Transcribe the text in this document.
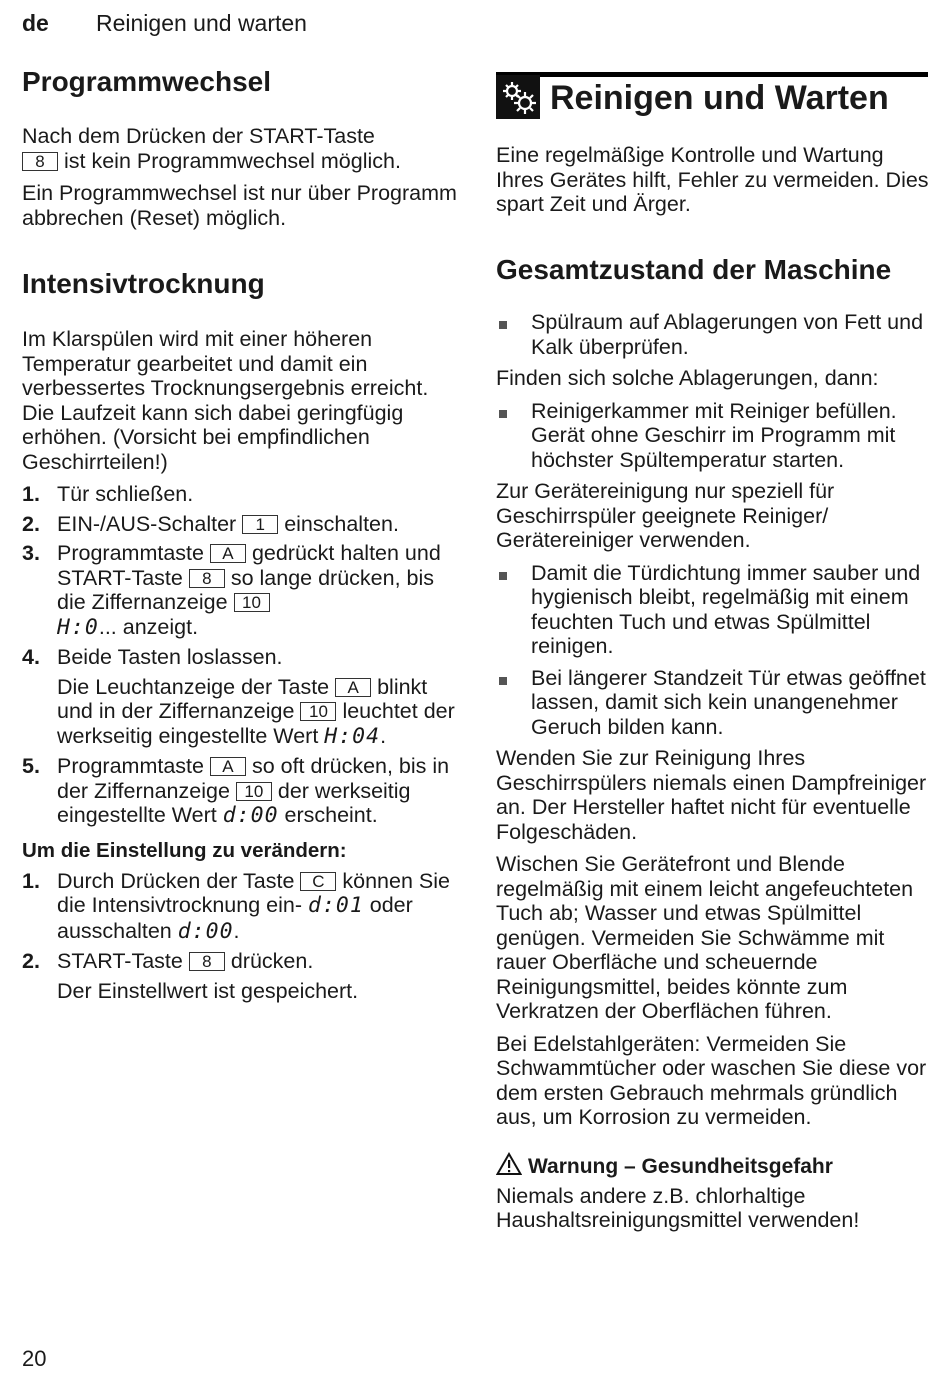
de Reinigen und warten
Programmwechsel

Nach dem Drücken der START-Taste
8 ist kein Programmwechsel möglich.

Ein Programmwechsel ist nur über Programm abbrechen (Reset) möglich.

Intensivtrocknung

Im Klarspülen wird mit einer höheren Temperatur gearbeitet und damit ein verbessertes Trocknungsergebnis erreicht. Die Laufzeit kann sich dabei geringfügig erhöhen. (Vorsicht bei empfindlichen Geschirrteilen!)

1. Tür schließen.
2. EIN-/AUS-Schalter 1 einschalten.
3. Programmtaste A gedrückt halten und START-Taste 8 so lange drücken, bis die Ziffernanzeige 10
H:0... anzeigt.
4. Beide Tasten loslassen.
Die Leuchtanzeige der Taste A blinkt und in der Ziffernanzeige 10 leuchtet der werkseitig eingestellte Wert H:04.
5. Programmtaste A so oft drücken, bis in der Ziffernanzeige 10 der werkseitig eingestellte Wert d:00 erscheint.
Um die Einstellung zu verändern:
1. Durch Drücken der Taste C können Sie die Intensivtrocknung ein- d:01 oder ausschalten d:00.
2. START-Taste 8 drücken.
Der Einstellwert ist gespeichert.
Reinigen und Warten

Eine regelmäßige Kontrolle und Wartung Ihres Gerätes hilft, Fehler zu vermeiden. Dies spart Zeit und Ärger.

Gesamtzustand der Maschine
Spülraum auf Ablagerungen von Fett und Kalk überprüfen.

Finden sich solche Ablagerungen, dann:

Reinigerkammer mit Reiniger befüllen. Gerät ohne Geschirr im Programm mit höchster Spültemperatur starten.

Zur Gerätereinigung nur speziell für Geschirrspüler geeignete Reiniger/ Gerätereiniger verwenden.

Damit die Türdichtung immer sauber und hygienisch bleibt, regelmäßig mit einem feuchten Tuch und etwas Spülmittel reinigen.
Bei längerer Standzeit Tür etwas geöffnet lassen, damit sich kein unangenehmer Geruch bilden kann.

Wenden Sie zur Reinigung Ihres Geschirrspülers niemals einen Dampfreiniger an. Der Hersteller haftet nicht für eventuelle Folgeschäden.

Wischen Sie Gerätefront und Blende regelmäßig mit einem leicht angefeuchteten Tuch ab; Wasser und etwas Spülmittel genügen. Vermeiden Sie Schwämme mit rauer Oberfläche und scheuernde Reinigungsmittel, beides könnte zum Verkratzen der Oberflächen führen.

Bei Edelstahlgeräten: Vermeiden Sie Schwammtücher oder waschen Sie diese vor dem ersten Gebrauch mehrmals gründlich aus, um Korrosion zu vermeiden.

Warnung – Gesundheitsgefahr

Niemals andere z.B. chlorhaltige Haushaltsreinigungsmittel verwenden!

20
